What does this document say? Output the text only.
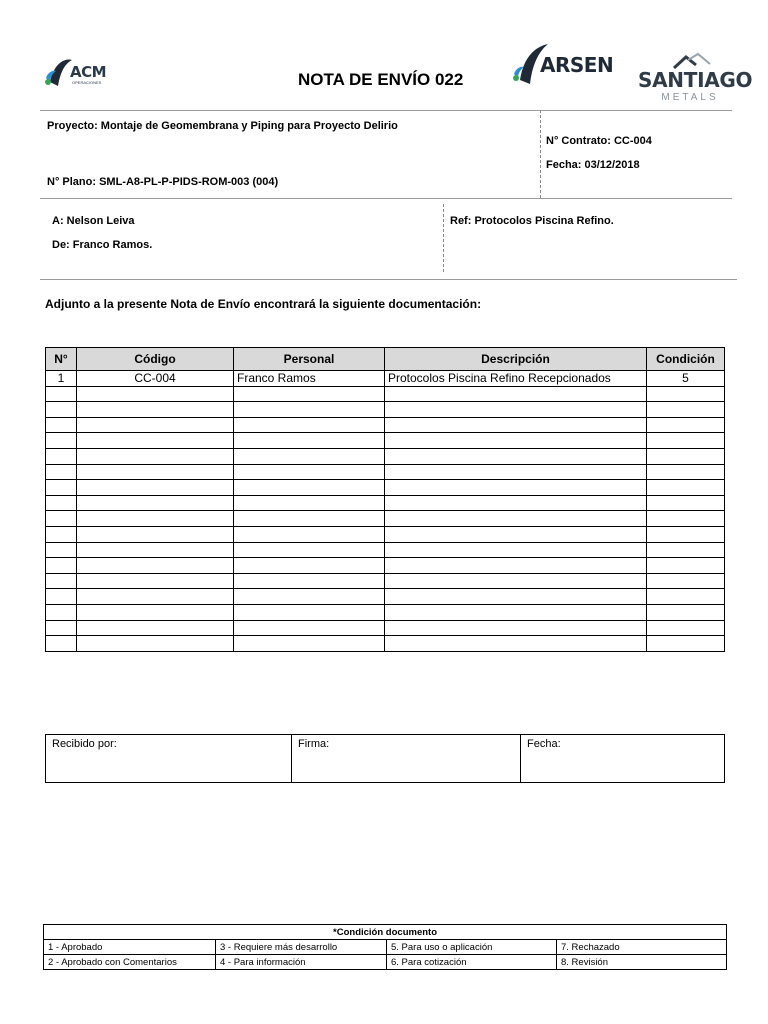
ACM
OPERACIONES
ARSEN
SANTIAGO
METALS
NOTA DE ENVÍO 022
Proyecto: Montaje de Geomembrana y Piping para Proyecto Delirio
N° Plano: SML-A8-PL-P-PIDS-ROM-003 (004)
N° Contrato: CC-004
Fecha: 03/12/2018
A: Nelson Leiva
De: Franco Ramos.
Ref: Protocolos Piscina Refino.
Adjunto a la presente Nota de Envío encontrará la siguiente documentación:
N°	Código	Personal	Descripción	Condición
1	CC-004	Franco Ramos	Protocolos Piscina Refino Recepcionados	5

Recibido por:	Firma:	Fecha:
*Condición documento			
1 - Aprobado	3 - Requiere más desarrollo	5. Para uso o aplicación	7. Rechazado
2 - Aprobado con Comentarios	4 - Para información	6. Para cotización	8. Revisión
